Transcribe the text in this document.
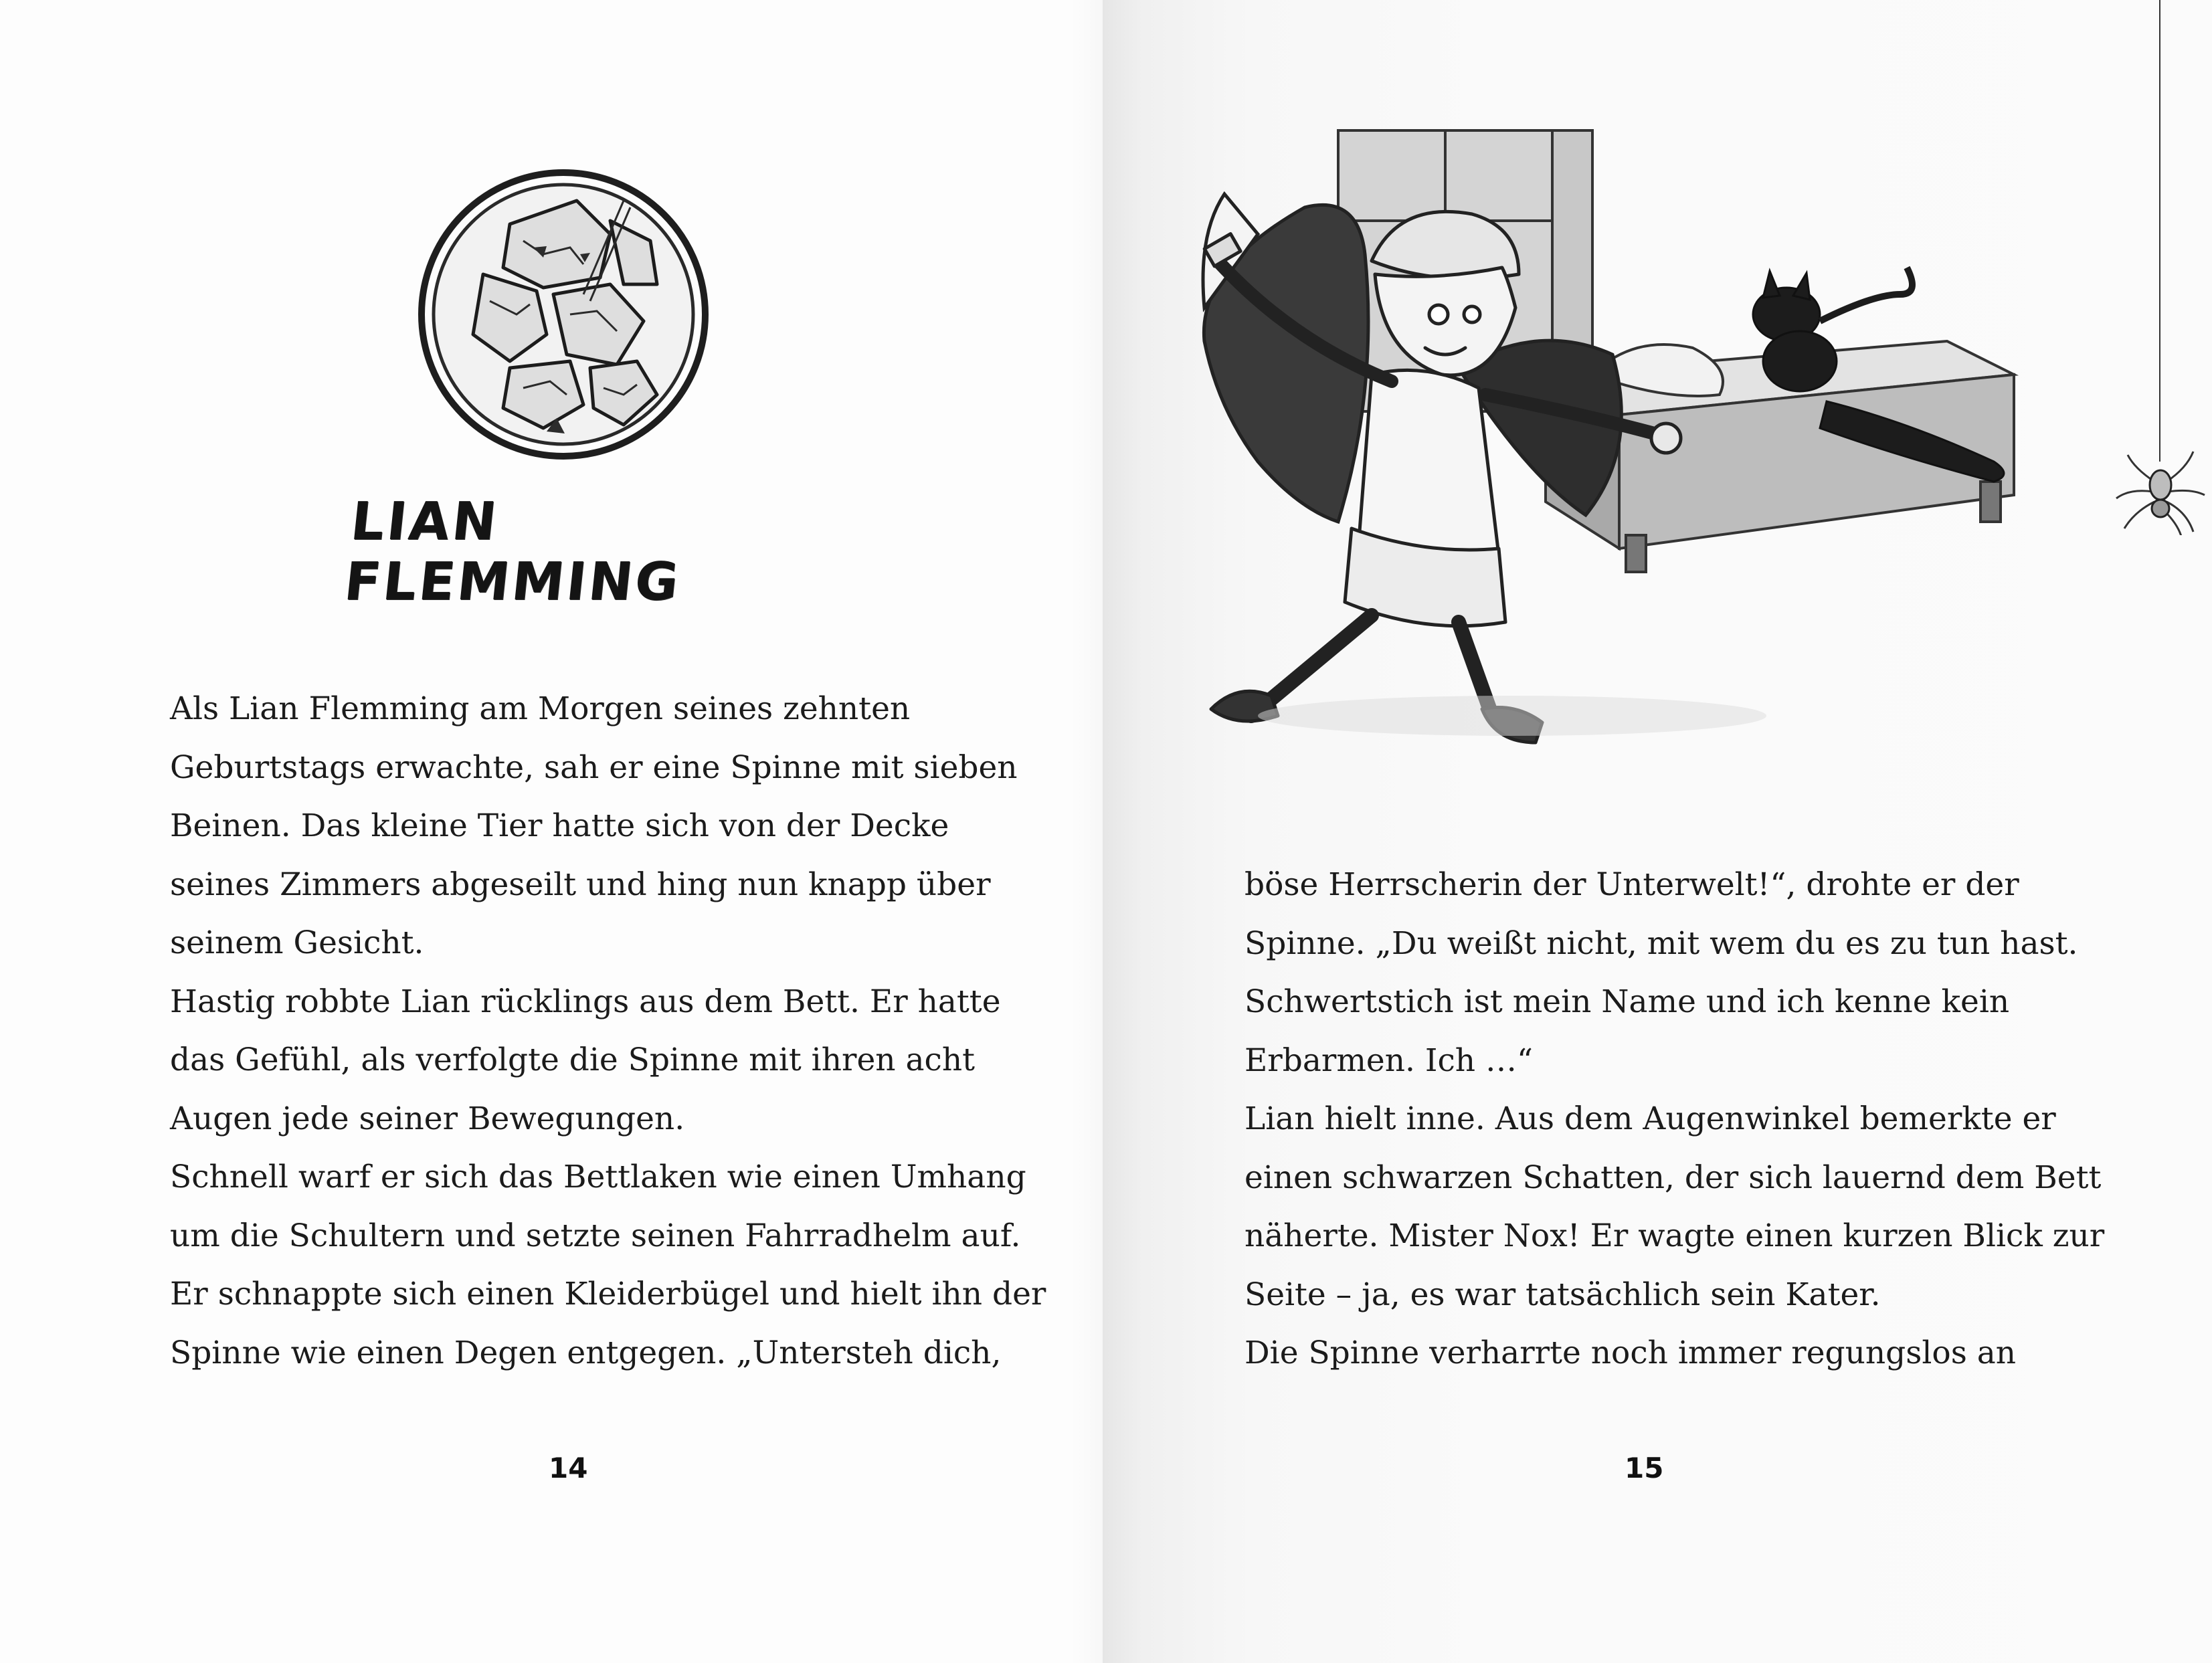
LIAN FLEMMING
Als Lian Flemming am Morgen seines zehnten
Geburtstags erwachte, sah er eine Spinne mit sieben
Beinen. Das kleine Tier hatte sich von der Decke
seines Zimmers abgeseilt und hing nun knapp über
seinem Gesicht.
Hastig robbte Lian rücklings aus dem Bett. Er hatte
das Gefühl, als verfolgte die Spinne mit ihren acht
Augen jede seiner Bewegungen.
Schnell warf er sich das Bettlaken wie einen Umhang
um die Schultern und setzte seinen Fahrradhelm auf.
Er schnappte sich einen Kleiderbügel und hielt ihn der
Spinne wie einen Degen entgegen. „Untersteh dich,
14
böse Herrscherin der Unterwelt!“, drohte er der
Spinne. „Du weißt nicht, mit wem du es zu tun hast.
Schwertstich ist mein Name und ich kenne kein
Erbarmen. Ich …“
Lian hielt inne. Aus dem Augenwinkel bemerkte er
einen schwarzen Schatten, der sich lauernd dem Bett
näherte. Mister Nox! Er wagte einen kurzen Blick zur
Seite – ja, es war tatsächlich sein Kater.
Die Spinne verharrte noch immer regungslos an
15
